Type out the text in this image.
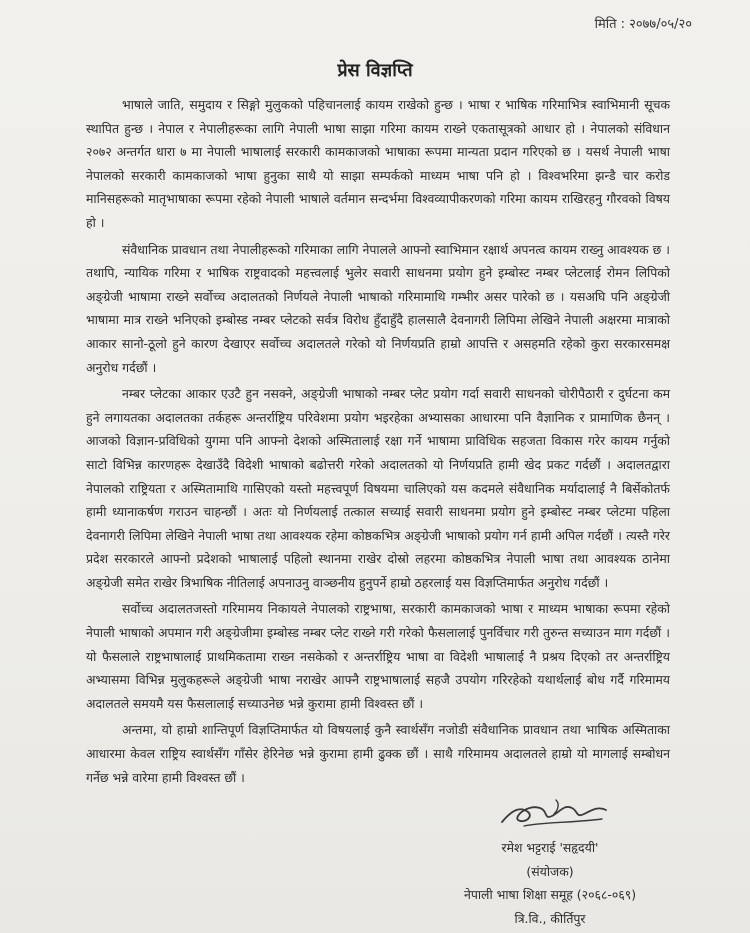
मिति : २०७७/०५/२०
प्रेस विज्ञप्ति

भाषाले जाति, समुदाय र सिङ्गो मुलुकको पहिचानलाई कायम राखेको हुन्छ । भाषा र भाषिक गरिमाभित्र स्वाभिमानी सूचक स्थापित हुन्छ । नेपाल र नेपालीहरूका लागि नेपाली भाषा साझा गरिमा कायम राख्ने एकतासूत्रको आधार हो । नेपालको संविधान २०७२ अन्तर्गत धारा ७ मा नेपाली भाषालाई सरकारी कामकाजको भाषाका रूपमा मान्यता प्रदान गरिएको छ । यसर्थ नेपाली भाषा नेपालको सरकारी कामकाजको भाषा हुनुका साथै यो साझा सम्पर्कको माध्यम भाषा पनि हो । विश्वभरिमा झन्डै चार करोड मानिसहरूको मातृभाषाका रूपमा रहेको नेपाली भाषाले वर्तमान सन्दर्भमा विश्वव्यापीकरणको गरिमा कायम राखिरहनु गौरवको विषय हो ।

संवैधानिक प्रावधान तथा नेपालीहरूको गरिमाका लागि नेपालले आफ्नो स्वाभिमान रक्षार्थ अपनत्व कायम राख्नु आवश्यक छ । तथापि, न्यायिक गरिमा र भाषिक राष्ट्रवादको महत्त्वलाई भुलेर सवारी साधनमा प्रयोग हुने इम्बोस्ट नम्बर प्लेटलाई रोमन लिपिको अङ्ग्रेजी भाषामा राख्ने सर्वोच्च अदालतको निर्णयले नेपाली भाषाको गरिमामाथि गम्भीर असर पारेको छ । यसअघि पनि अङ्ग्रेजी भाषामा मात्र राख्ने भनिएको इम्बोस्ड नम्बर प्लेटको सर्वत्र विरोध हुँदाहुँदै हालसालै देवनागरी लिपिमा लेखिने नेपाली अक्षरमा मात्राको आकार सानो-ठूलो हुने कारण देखाएर सर्वोच्च अदालतले गरेको यो निर्णयप्रति हाम्रो आपत्ति र असहमति रहेको कुरा सरकारसमक्ष अनुरोध गर्दछौं ।

नम्बर प्लेटका आकार एउटै हुन नसक्ने, अङ्ग्रेजी भाषाको नम्बर प्लेट प्रयोग गर्दा सवारी साधनको चोरीपैठारी र दुर्घटना कम हुने लगायतका अदालतका तर्कहरू अन्तर्राष्ट्रिय परिवेशमा प्रयोग भइरहेका अभ्यासका आधारमा पनि वैज्ञानिक र प्रामाणिक छैनन् । आजको विज्ञान-प्रविधिको युगमा पनि आफ्नो देशको अस्मितालाई रक्षा गर्ने भाषामा प्राविधिक सहजता विकास गरेर कायम गर्नुको साटो विभिन्न कारणहरू देखाउँदै विदेशी भाषाको बढोत्तरी गरेको अदालतको यो निर्णयप्रति हामी खेद प्रकट गर्दछौं । अदालतद्वारा नेपालको राष्ट्रियता र अस्मितामाथि गासिएको यस्तो महत्त्वपूर्ण विषयमा चालिएको यस कदमले संवैधानिक मर्यादालाई नै बिर्सेकोतर्फ हामी ध्यानाकर्षण गराउन चाहन्छौं । अतः यो निर्णयलाई तत्काल सच्याई सवारी साधनमा प्रयोग हुने इम्बोस्ट नम्बर प्लेटमा पहिला देवनागरी लिपिमा लेखिने नेपाली भाषा तथा आवश्यक रहेमा कोष्ठकभित्र अङ्ग्रेजी भाषाको प्रयोग गर्न हामी अपिल गर्दछौं । त्यस्तै गरेर प्रदेश सरकारले आफ्नो प्रदेशको भाषालाई पहिलो स्थानमा राखेर दोस्रो लहरमा कोष्ठकभित्र नेपाली भाषा तथा आवश्यक ठानेमा अङ्ग्रेजी समेत राखेर त्रिभाषिक नीतिलाई अपनाउनु वाञ्छनीय हुनुपर्ने हाम्रो ठहरलाई यस विज्ञप्तिमार्फत अनुरोध गर्दछौं ।

सर्वोच्च अदालतजस्तो गरिमामय निकायले नेपालको राष्ट्रभाषा, सरकारी कामकाजको भाषा र माध्यम भाषाका रूपमा रहेको नेपाली भाषाको अपमान गरी अङ्ग्रेजीमा इम्बोस्ड नम्बर प्लेट राख्ने गरी गरेको फैसलालाई पुनर्विचार गरी तुरुन्त सच्याउन माग गर्दछौं । यो फैसलाले राष्ट्रभाषालाई प्राथमिकतामा राख्न नसकेको र अन्तर्राष्ट्रिय भाषा वा विदेशी भाषालाई नै प्रश्रय दिएको तर अन्तर्राष्ट्रिय अभ्यासमा विभिन्न मुलुकहरूले अङ्ग्रेजी भाषा नराखेर आफ्नै राष्ट्रभाषालाई सहजै उपयोग गरिरहेको यथार्थलाई बोध गर्दै गरिमामय अदालतले समयमै यस फैसलालाई सच्याउनेछ भन्ने कुरामा हामी विश्वस्त छौं ।

अन्तमा, यो हाम्रो शान्तिपूर्ण विज्ञप्तिमार्फत यो विषयलाई कुनै स्वार्थसँग नजोडी संवैधानिक प्रावधान तथा भाषिक अस्मिताका आधारमा केवल राष्ट्रिय स्वार्थसँग गाँसेर हेरिनेछ भन्ने कुरामा हामी ढुक्क छौं । साथै गरिमामय अदालतले हाम्रो यो मागलाई सम्बोधन गर्नेछ भन्ने वारेमा हामी विश्वस्त छौं ।

रमेश भट्टराई 'सहृदयी'
(संयोजक)
नेपाली भाषा शिक्षा समूह (२०६८-०६९)
त्रि.वि., कीर्तिपुर
